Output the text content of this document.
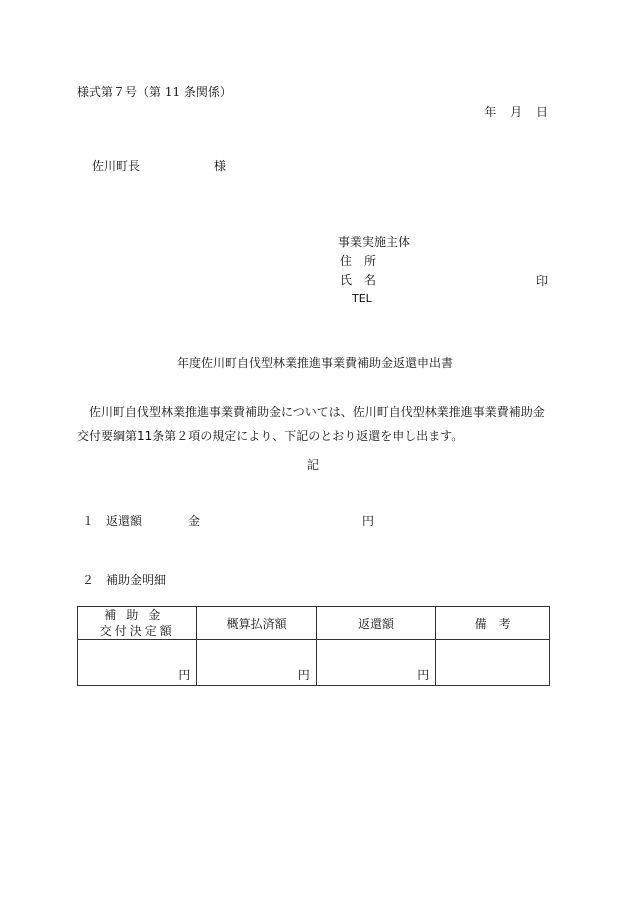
様式第７号（第 11 条関係）
年 月 日
佐川町長	様
事業実施主体
住　所
氏　名
TEL
印
年度佐川町自伐型林業推進事業費補助金返還申出書
　佐川町自伐型林業推進事業費補助金については、佐川町自伐型林業推進事業費補助金交付要綱第11条第２項の規定により、下記のとおり返還を申し出ます。
記
１　返還額	金	円
２　補助金明細
補助金
交付決定額	概算払済額	返還額	備　考
円	円	円	
